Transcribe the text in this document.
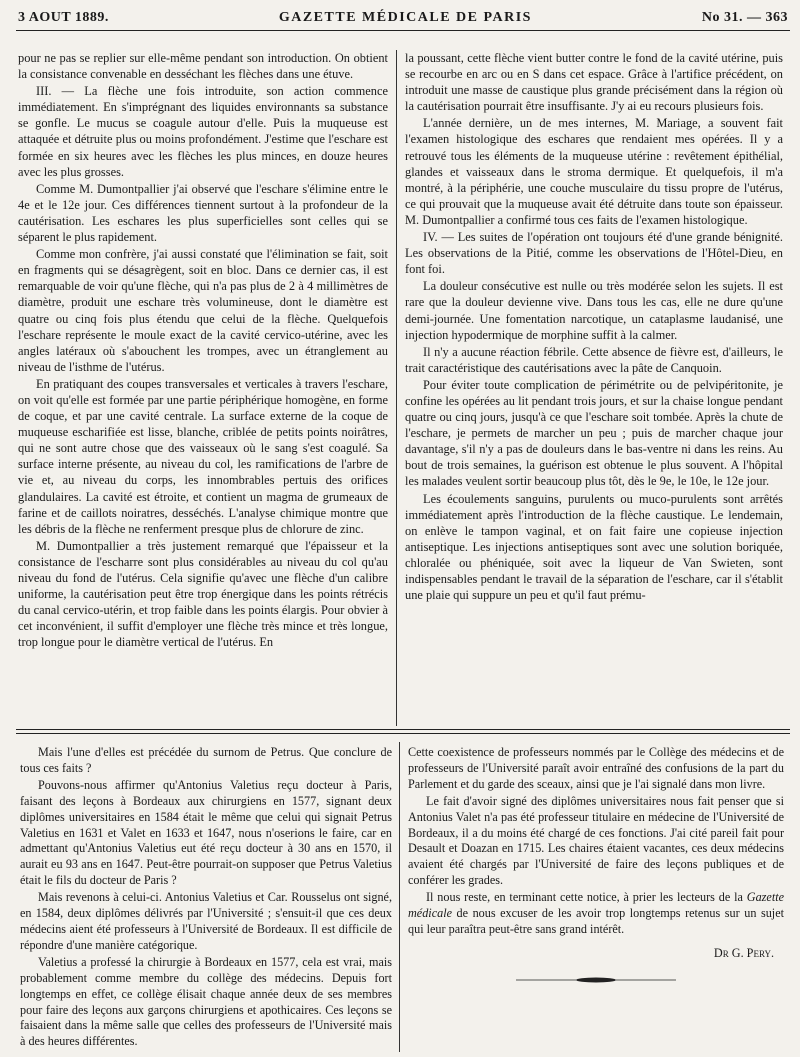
3 AOUT 1889.	GAZETTE MÉDICALE DE PARIS	No 31. — 363

pour ne pas se replier sur elle-même pendant son introduction. On obtient la consistance convenable en desséchant les flèches dans une étuve.

III. — La flèche une fois introduite, son action commence immédiatement. En s'imprégnant des liquides environnants sa substance se gonfle. Le mucus se coagule autour d'elle. Puis la muqueuse est attaquée et détruite plus ou moins profondément. J'estime que l'eschare est formée en six heures avec les flèches les plus minces, en douze heures avec les plus grosses.

Comme M. Dumontpallier j'ai observé que l'eschare s'élimine entre le 4e et le 12e jour. Ces différences tiennent surtout à la profondeur de la cautérisation. Les eschares les plus superficielles sont celles qui se séparent le plus rapidement.

Comme mon confrère, j'ai aussi constaté que l'élimination se fait, soit en fragments qui se désagrègent, soit en bloc. Dans ce dernier cas, il est remarquable de voir qu'une flèche, qui n'a pas plus de 2 à 4 millimètres de diamètre, produit une eschare très volumineuse, dont le diamètre est quatre ou cinq fois plus étendu que celui de la flèche. Quelquefois l'eschare représente le moule exact de la cavité cervico-utérine, avec les angles latéraux où s'abouchent les trompes, avec un étranglement au niveau de l'isthme de l'utérus.

En pratiquant des coupes transversales et verticales à travers l'eschare, on voit qu'elle est formée par une partie périphérique homogène, en forme de coque, et par une cavité centrale. La surface externe de la coque de muqueuse escharifiée est lisse, blanche, criblée de petits points noirâtres, qui ne sont autre chose que des vaisseaux où le sang s'est coagulé. Sa surface interne présente, au niveau du col, les ramifications de l'arbre de vie et, au niveau du corps, les innombrables pertuis des orifices glandulaires. La cavité est étroite, et contient un magma de grumeaux de farine et de caillots noiratres, desséchés. L'analyse chimique montre que les débris de la flèche ne renferment presque plus de chlorure de zinc.

M. Dumontpallier a très justement remarqué que l'épaisseur et la consistance de l'escharre sont plus considérables au niveau du col qu'au niveau du fond de l'utérus. Cela signifie qu'avec une flèche d'un calibre uniforme, la cautérisation peut être trop énergique dans les points rétrécis du canal cervico-utérin, et trop faible dans les points élargis. Pour obvier à cet inconvénient, il suffit d'employer une flèche très mince et très longue, trop longue pour le diamètre vertical de l'utérus. En

la poussant, cette flèche vient butter contre le fond de la cavité utérine, puis se recourbe en arc ou en S dans cet espace. Grâce à l'artifice précédent, on introduit une masse de caustique plus grande précisément dans la région où la cautérisation pourrait être insuffisante. J'y ai eu recours plusieurs fois.

L'année dernière, un de mes internes, M. Mariage, a souvent fait l'examen histologique des eschares que rendaient mes opérées. Il y a retrouvé tous les éléments de la muqueuse utérine : revêtement épithélial, glandes et vaisseaux dans le stroma dermique. Et quelquefois, il m'a montré, à la périphérie, une couche musculaire du tissu propre de l'utérus, ce qui prouvait que la muqueuse avait été détruite dans toute son épaisseur. M. Dumontpallier a confirmé tous ces faits de l'examen histologique.

IV. — Les suites de l'opération ont toujours été d'une grande bénignité. Les observations de la Pitié, comme les observations de l'Hôtel-Dieu, en font foi.

La douleur consécutive est nulle ou très modérée selon les sujets. Il est rare que la douleur devienne vive. Dans tous les cas, elle ne dure qu'une demi-journée. Une fomentation narcotique, un cataplasme laudanisé, une injection hypodermique de morphine suffit à la calmer.

Il n'y a aucune réaction fébrile. Cette absence de fièvre est, d'ailleurs, le trait caractéristique des cautérisations avec la pâte de Canquoin.

Pour éviter toute complication de périmétrite ou de pelvipéritonite, je confine les opérées au lit pendant trois jours, et sur la chaise longue pendant quatre ou cinq jours, jusqu'à ce que l'eschare soit tombée. Après la chute de l'eschare, je permets de marcher un peu ; puis de marcher chaque jour davantage, s'il n'y a pas de douleurs dans le bas-ventre ni dans les reins. Au bout de trois semaines, la guérison est obtenue le plus souvent. A l'hôpital les malades veulent sortir beaucoup plus tôt, dès le 9e, le 10e, le 12e jour.

Les écoulements sanguins, purulents ou muco-purulents sont arrêtés immédiatement après l'introduction de la flèche caustique. Le lendemain, on enlève le tampon vaginal, et on fait faire une copieuse injection antiseptique. Les injections antiseptiques sont avec une solution boriquée, chloralée ou phéniquée, soit avec la liqueur de Van Swieten, sont indispensables pendant le travail de la séparation de l'eschare, car il s'établit une plaie qui suppure un peu et qu'il faut prému-

Mais l'une d'elles est précédée du surnom de Petrus. Que conclure de tous ces faits ?

Pouvons-nous affirmer qu'Antonius Valetius reçu docteur à Paris, faisant des leçons à Bordeaux aux chirurgiens en 1577, signant deux diplômes universitaires en 1584 était le même que celui qui signait Petrus Valetius en 1631 et Valet en 1633 et 1647, nous n'oserions le faire, car en admettant qu'Antonius Valetius eut été reçu docteur à 30 ans en 1570, il aurait eu 93 ans en 1647. Peut-être pourrait-on supposer que Petrus Valetius était le fils du docteur de Paris ?

Mais revenons à celui-ci. Antonius Valetius et Car. Rousselus ont signé, en 1584, deux diplômes délivrés par l'Université ; s'ensuit-il que ces deux médecins aient été professeurs à l'Université de Bordeaux. Il est difficile de répondre d'une manière catégorique.

Valetius a professé la chirurgie à Bordeaux en 1577, cela est vrai, mais probablement comme membre du collège des médecins. Depuis fort longtemps en effet, ce collège élisait chaque année deux de ses membres pour faire des leçons aux garçons chirurgiens et apothicaires. Ces leçons se faisaient dans la même salle que celles des professeurs de l'Université mais à des heures différentes.

Cette coexistence de professeurs nommés par le Collège des médecins et de professeurs de l'Université paraît avoir entraîné des confusions de la part du Parlement et du garde des sceaux, ainsi que je l'ai signalé dans mon livre.

Le fait d'avoir signé des diplômes universitaires nous fait penser que si Antonius Valet n'a pas été professeur titulaire en médecine de l'Université de Bordeaux, il a du moins été chargé de ces fonctions. J'ai cité pareil fait pour Desault et Doazan en 1715. Les chaires étaient vacantes, ces deux médecins avaient été chargés par l'Université de faire des leçons publiques et de conférer les grades.

Il nous reste, en terminant cette notice, à prier les lecteurs de la Gazette médicale de nous excuser de les avoir trop longtemps retenus sur un sujet qui leur paraîtra peut-être sans grand intérêt.

Dr G. Pery.
